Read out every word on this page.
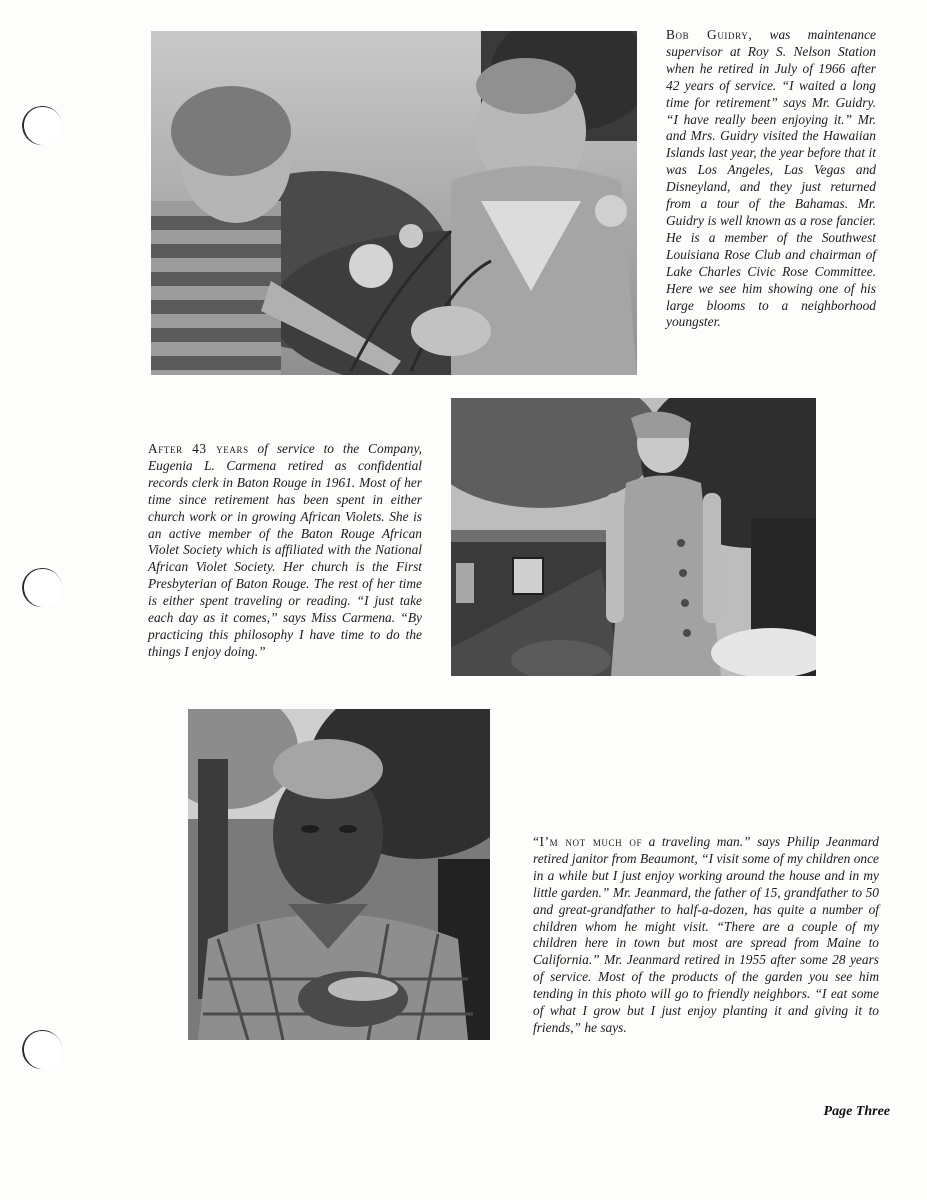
Bob Guidry, was maintenance supervisor at Roy S. Nelson Station when he retired in July of 1966 after 42 years of service. “I waited a long time for retirement” says Mr. Guidry. “I have really been enjoying it.” Mr. and Mrs. Guidry visited the Hawaiian Islands last year, the year before that it was Los Angeles, Las Vegas and Disneyland, and they just returned from a tour of the Bahamas. Mr. Guidry is well known as a rose fancier. He is a member of the Southwest Louisiana Rose Club and chairman of Lake Charles Civic Rose Committee. Here we see him showing one of his large blooms to a neighborhood youngster.
After 43 years of service to the Company, Eugenia L. Carmena retired as confidential records clerk in Baton Rouge in 1961. Most of her time since retirement has been spent in either church work or in growing African Violets. She is an active member of the Baton Rouge African Violet Society which is affiliated with the National African Violet Society. Her church is the First Presbyterian of Baton Rouge. The rest of her time is either spent traveling or reading. “I just take each day as it comes,” says Miss Carmena. “By practicing this philosophy I have time to do the things I enjoy doing.”
“I’m not much of a traveling man.” says Philip Jeanmard retired janitor from Beaumont, “I visit some of my children once in a while but I just enjoy working around the house and in my little garden.” Mr. Jeanmard, the father of 15, grandfather to 50 and great-grandfather to half-a-dozen, has quite a number of children whom he might visit. “There are a couple of my children here in town but most are spread from Maine to California.” Mr. Jeanmard retired in 1955 after some 28 years of service. Most of the products of the garden you see him tending in this photo will go to friendly neighbors. “I eat some of what I grow but I just enjoy planting it and giving it to friends,” he says.
Page Three
